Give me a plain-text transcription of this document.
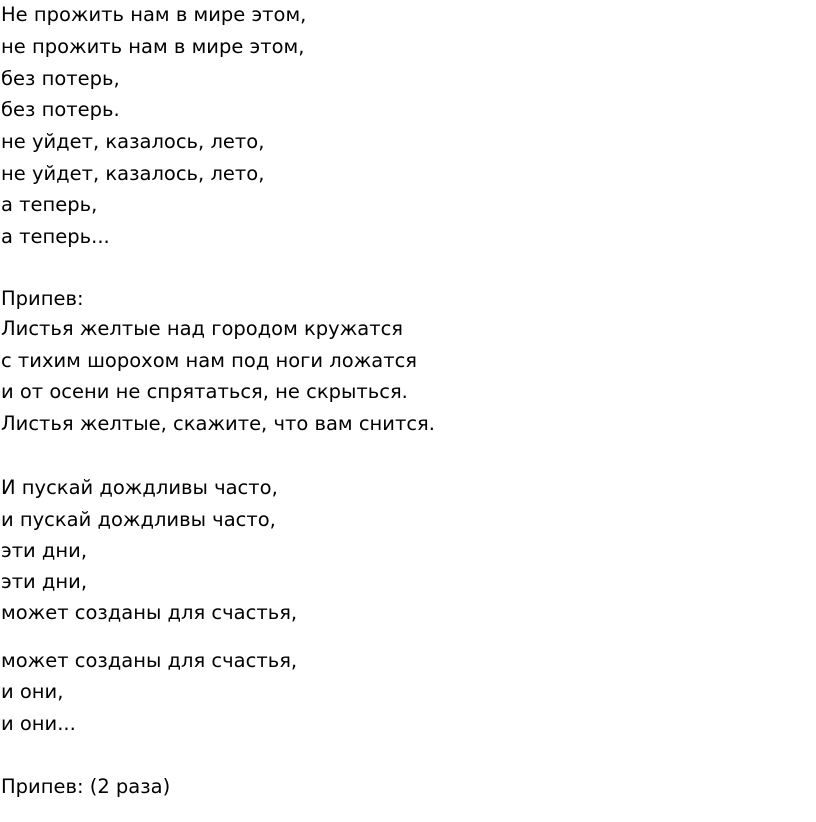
Не прожить нам в мире этом,
не прожить нам в мире этом,
без потерь,
без потерь.
не уйдет, казалось, лето,
не уйдет, казалось, лето,
а теперь,
а теперь...
Припев:
Листья желтые над городом кружатся
с тихим шорохом нам под ноги ложатся
и от осени не спрятаться, не скрыться.
Листья желтые, скажите, что вам снится.
И пускай дождливы часто,
и пускай дождливы часто,
эти дни,
эти дни,
может созданы для счастья,
может созданы для счастья,
и они,
и они...
Припев: (2 раза)
